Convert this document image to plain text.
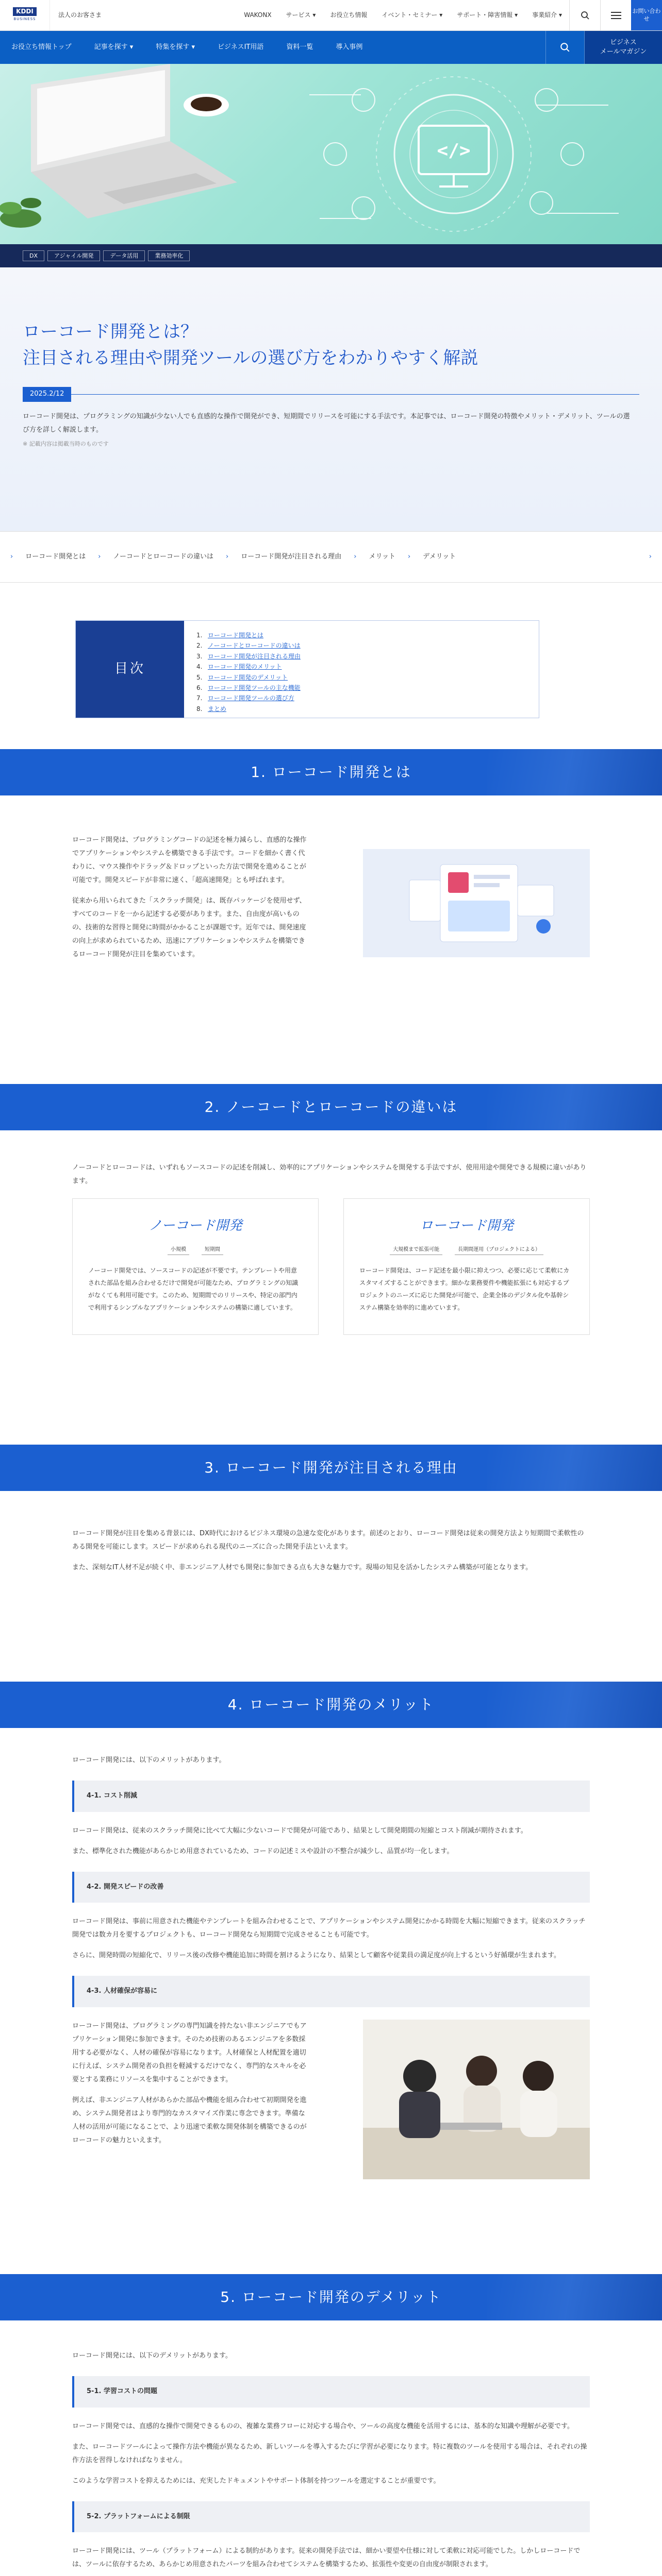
KDDI
BUSINESS
法人のお客さま	WAKONX	サービス ▾	お役立ち情報	イベント・セミナー ▾	サポート・障害情報 ▾	事業紹介 ▾
お問い合わせ
お役立ち情報トップ	記事を探す ▾	特集を探す ▾	ビジネスIT用語	資料一覧	導入事例
ビジネス
メールマガジン
</>
DX	アジャイル開発	データ活用	業務効率化
ローコード開発とは？
注目される理由や開発ツールの選び方をわかりやすく解説
2025.2/12

ローコード開発は、プログラミングの知識が少ない人でも直感的な操作で開発ができ、短期間でリリースを可能にする手法です。本記事では、ローコード開発の特徴やメリット・デメリット、ツールの選び方を詳しく解説します。

※ 記載内容は掲載当時のものです

›	ローコード開発とは	›	ノーコードとローコードの違いは	›	ローコード開発が注目される理由	›	メリット	›	デメリット	›
目次
1. ローコード開発とは
2. ノーコードとローコードの違いは
3. ローコード開発が注目される理由
4. ローコード開発のメリット
5. ローコード開発のデメリット
6. ローコード開発ツールの主な機能
7. ローコード開発ツールの選び方
8. まとめ
1. ローコード開発とは

ローコード開発は、プログラミングコードの記述を極力減らし、直感的な操作でアプリケーションやシステムを構築できる手法です。コードを細かく書く代わりに、マウス操作やドラッグ＆ドロップといった方法で開発を進めることが可能です。開発スピードが非常に速く、「超高速開発」とも呼ばれます。

従来から用いられてきた「スクラッチ開発」は、既存パッケージを使用せず、すべてのコードを一から記述する必要があります。また、自由度が高いものの、技術的な習得と開発に時間がかかることが課題です。近年では、開発速度の向上が求められているため、迅速にアプリケーションやシステムを構築できるローコード開発が注目を集めています。

2. ノーコードとローコードの違いは

ノーコードとローコードは、いずれもソースコードの記述を削減し、効率的にアプリケーションやシステムを開発する手法ですが、使用用途や開発できる規模に違いがあります。

ノーコード開発
小規模	短期間

ノーコード開発では、ソースコードの記述が不要です。テンプレートや用意された部品を組み合わせるだけで開発が可能なため、プログラミングの知識がなくても利用可能です。このため、短期間でのリリースや、特定の部門内で利用するシンプルなアプリケーションやシステムの構築に適しています。

ローコード開発
大規模まで拡張可能	長期間運用（プロジェクトによる）

ローコード開発は、コード記述を最小限に抑えつつ、必要に応じて柔軟にカスタマイズすることができます。細かな業務要件や機能拡張にも対応するプロジェクトのニーズに応じた開発が可能で、企業全体のデジタル化や基幹システム構築を効率的に進めています。

3. ローコード開発が注目される理由

ローコード開発が注目を集める背景には、DX時代におけるビジネス環境の急速な変化があります。前述のとおり、ローコード開発は従来の開発方法より短期間で柔軟性のある開発を可能にします。スピードが求められる現代のニーズに合った開発手法といえます。

また、深刻なIT人材不足が続く中、非エンジニア人材でも開発に参加できる点も大きな魅力です。現場の知見を活かしたシステム構築が可能となります。

4. ローコード開発のメリット

ローコード開発には、以下のメリットがあります。

4-1. コスト削減

ローコード開発は、従来のスクラッチ開発に比べて大幅に少ないコードで開発が可能であり、結果として開発期間の短縮とコスト削減が期待されます。

また、標準化された機能があらかじめ用意されているため、コードの記述ミスや設計の不整合が減少し、品質が均一化します。

4-2. 開発スピードの改善

ローコード開発は、事前に用意された機能やテンプレートを組み合わせることで、アプリケーションやシステム開発にかかる時間を大幅に短縮できます。従来のスクラッチ開発では数カ月を要するプロジェクトも、ローコード開発なら短期間で完成させることも可能です。

さらに、開発時間の短縮化で、リリース後の改修や機能追加に時間を割けるようになり、結果として顧客や従業員の満足度が向上するという好循環が生まれます。

4-3. 人材確保が容易に

ローコード開発は、プログラミングの専門知識を持たない非エンジニアでもアプリケーション開発に参加できます。そのため技術のあるエンジニアを多数採用する必要がなく、人材の確保が容易になります。人材確保と人材配置を適切に行えば、システム開発者の負担を軽減するだけでなく、専門的なスキルを必要とする業務にリソースを集中することができます。

例えば、非エンジニア人材があらかた部品や機能を組み合わせて初期開発を進め、システム開発者はより専門的なカスタマイズ作業に専念できます。準備な人材の活用が可能になることで、より迅速で柔軟な開発体制を構築できるのがローコードの魅力といえます。

5. ローコード開発のデメリット

ローコード開発には、以下のデメリットがあります。

5-1. 学習コストの問題

ローコード開発では、直感的な操作で開発できるものの、複雑な業務フローに対応する場合や、ツールの高度な機能を活用するには、基本的な知識や理解が必要です。

また、ローコードツールによって操作方法や機能が異なるため、新しいツールを導入するたびに学習が必要になります。特に複数のツールを使用する場合は、それぞれの操作方法を習得しなければなりません。

このような学習コストを抑えるためには、充実したドキュメントやサポート体制を持つツールを選定することが重要です。

5-2. プラットフォームによる制限

ローコード開発には、ツール（プラットフォーム）による制約があります。従来の開発手法では、細かい要望や仕様に対して柔軟に対応可能でした。しかしローコードでは、ツールに依存するため、あらかじめ用意されたパーツを組み合わせてシステムを構築するため、拡張性や変更の自由度が制限されます。
